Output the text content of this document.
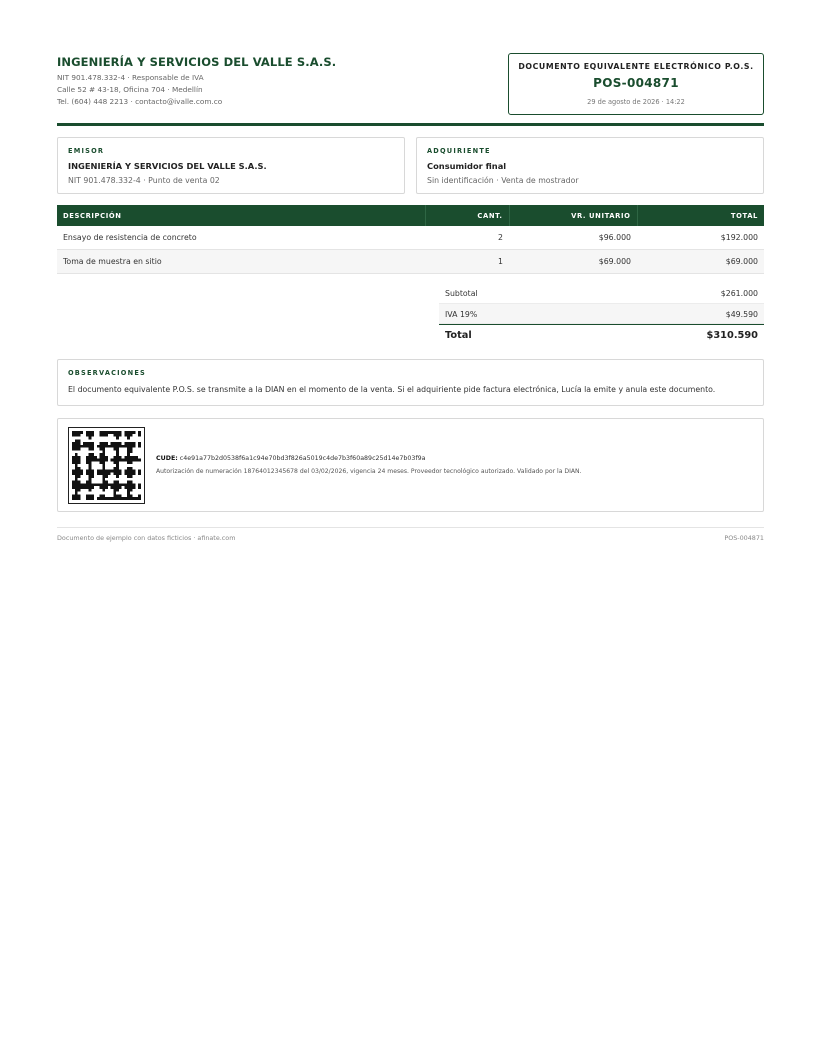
INGENIERÍA Y SERVICIOS DEL VALLE S.A.S.
NIT 901.478.332-4 · Responsable de IVA
Calle 52 # 43-18, Oficina 704 · Medellín
Tel. (604) 448 2213 · contacto@ivalle.com.co
DOCUMENTO EQUIVALENTE ELECTRÓNICO P.O.S.
POS-004871
29 de agosto de 2026 · 14:22
EMISOR
INGENIERÍA Y SERVICIOS DEL VALLE S.A.S.
NIT 901.478.332-4 · Punto de venta 02
ADQUIRIENTE
Consumidor final
Sin identificación · Venta de mostrador
DESCRIPCIÓN	CANT.	VR. UNITARIO	TOTAL
Ensayo de resistencia de concreto	2	$96.000	$192.000
Toma de muestra en sitio	1	$69.000	$69.000
Subtotal	$261.000
IVA 19%	$49.590
Total	$310.590
OBSERVACIONES
El documento equivalente P.O.S. se transmite a la DIAN en el momento de la venta. Si el adquiriente pide factura electrónica, Lucía la emite y anula este documento.
CUDE: c4e91a77b2d0538f6a1c94e70bd3f826a5019c4de7b3f60a89c25d14e7b03f9a
Autorización de numeración 18764012345678 del 03/02/2026, vigencia 24 meses. Proveedor tecnológico autorizado. Validado por la DIAN.
Documento de ejemplo con datos ficticios · afinate.com	POS-004871
